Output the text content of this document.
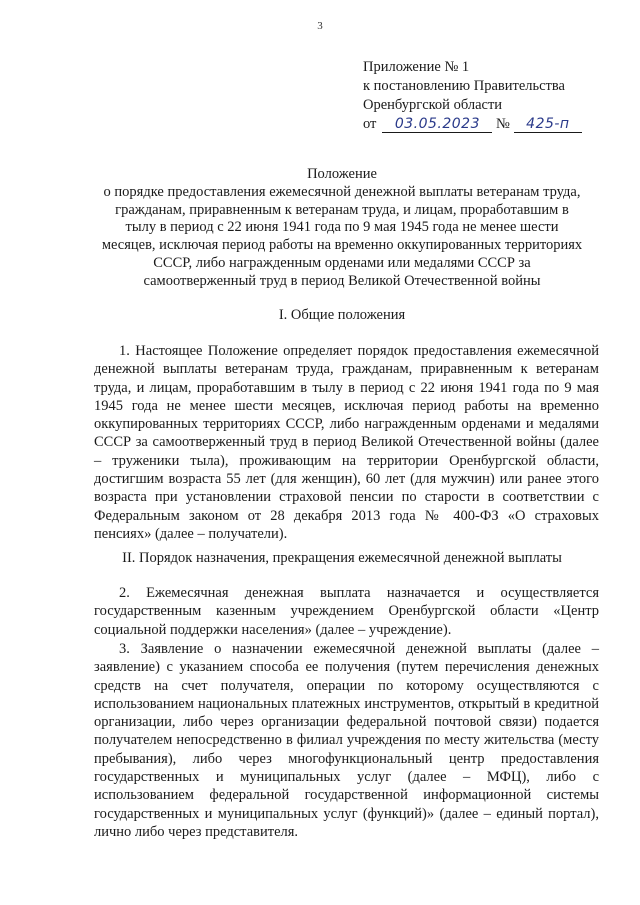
3
Приложение № 1
к постановлению Правительства
Оренбургской области
от 03.05.2023 № 425-п
Положение
о порядке предоставления ежемесячной денежной выплаты ветеранам труда,
гражданам, приравненным к ветеранам труда, и лицам, проработавшим в
тылу в период с 22 июня 1941 года по 9 мая 1945 года не менее шести
месяцев, исключая период работы на временно оккупированных территориях
СССР, либо награжденным орденами или медалями СССР за
самоотверженный труд в период Великой Отечественной войны
I. Общие положения

1. Настоящее Положение определяет порядок предоставления ежемесячной денежной выплаты ветеранам труда, гражданам, приравненным к ветеранам труда, и лицам, проработавшим в тылу в период с 22 июня 1941 года по 9 мая 1945 года не менее шести месяцев, исключая период работы на временно оккупированных территориях СССР, либо награжденным орденами и медалями СССР за самоотверженный труд в период Великой Отечественной войны (далее – труженики тыла), проживающим на территории Оренбургской области, достигшим возраста 55 лет (для женщин), 60 лет (для мужчин) или ранее этого возраста при установлении страховой пенсии по старости в соответствии с Федеральным законом от 28 декабря 2013 года № 400-ФЗ «О страховых пенсиях» (далее – получатели).

II. Порядок назначения, прекращения ежемесячной денежной выплаты

2. Ежемесячная денежная выплата назначается и осуществляется государственным казенным учреждением Оренбургской области «Центр социальной поддержки населения» (далее – учреждение).

3. Заявление о назначении ежемесячной денежной выплаты (далее – заявление) с указанием способа ее получения (путем перечисления денежных средств на счет получателя, операции по которому осуществляются с использованием национальных платежных инструментов, открытый в кредитной организации, либо через организации федеральной почтовой связи) подается получателем непосредственно в филиал учреждения по месту жительства (месту пребывания), либо через многофункциональный центр предоставления государственных и муниципальных услуг (далее – МФЦ), либо с использованием федеральной государственной информационной системы государственных и муниципальных услуг (функций)» (далее – единый портал), лично либо через представителя.
